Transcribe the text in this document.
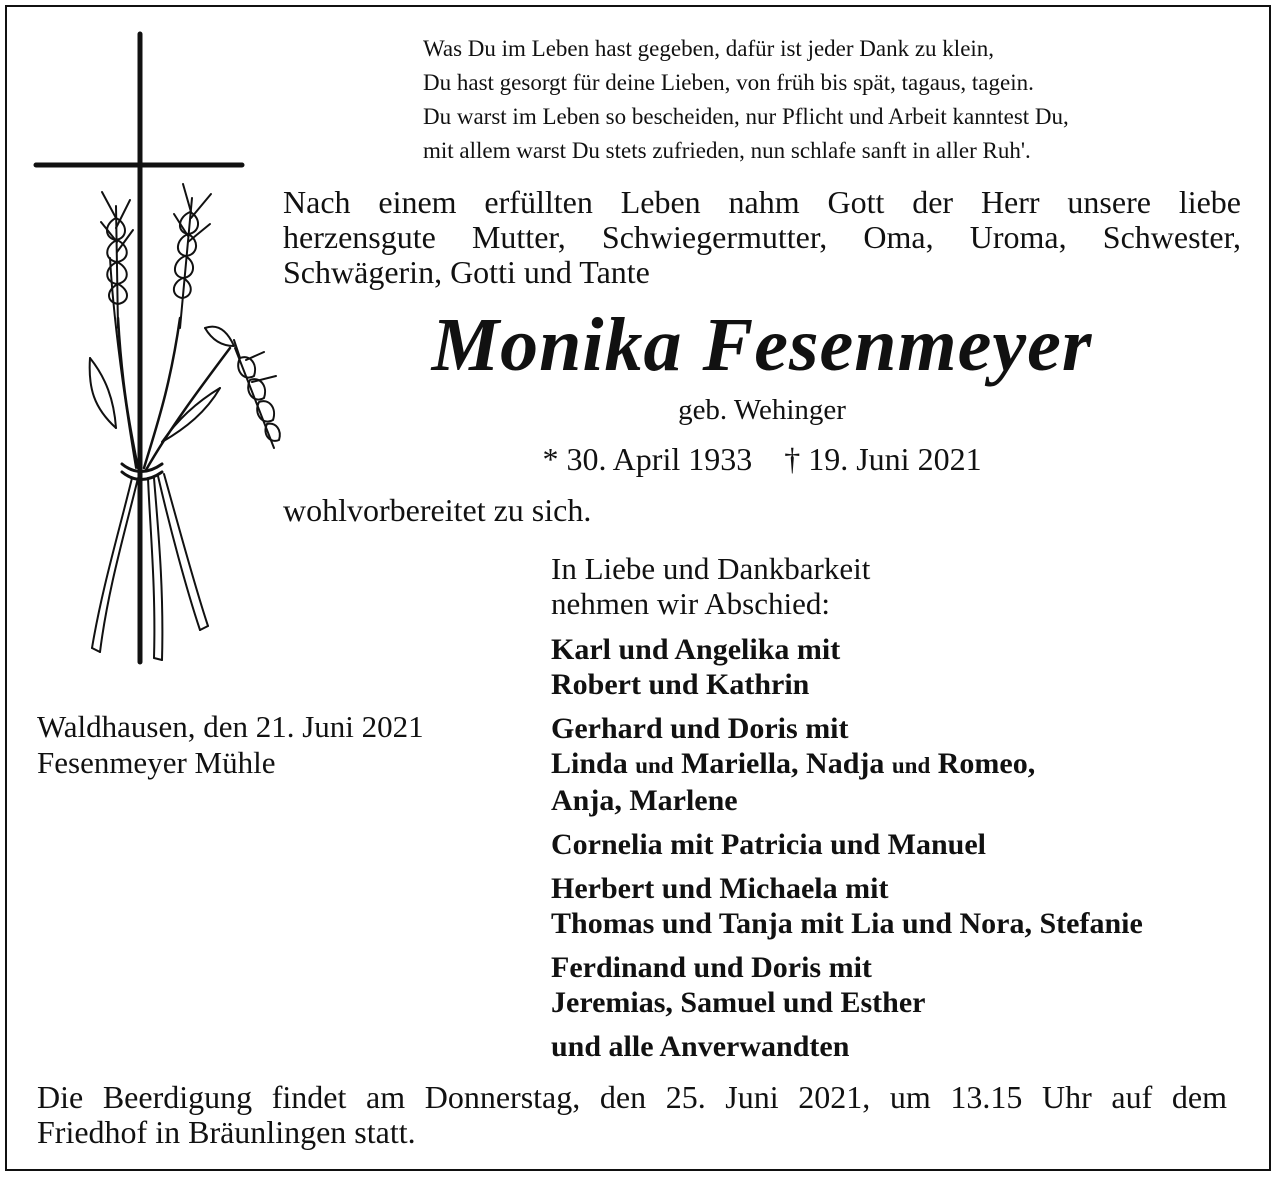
Was Du im Leben hast gegeben, dafür ist jeder Dank zu klein,
Du hast gesorgt für deine Lieben, von früh bis spät, tagaus, tagein.
Du warst im Leben so bescheiden, nur Pflicht und Arbeit kanntest Du,
mit allem warst Du stets zufrieden, nun schlafe sanft in aller Ruh'.
Nach einem erfüllten Leben nahm Gott der Herr unsere liebe
herzensgute Mutter, Schwiegermutter, Oma, Uroma, Schwester,
Schwägerin, Gotti und Tante
Monika Fesenmeyer
geb. Wehinger
* 30. April 1933 † 19. Juni 2021
wohlvorbereitet zu sich.
In Liebe und Dankbarkeit
nehmen wir Abschied:
Waldhausen, den 21. Juni 2021
Fesenmeyer Mühle
Karl und Angelika mit
Robert und Kathrin
Gerhard und Doris mit
Linda und Mariella, Nadja und Romeo,
Anja, Marlene
Cornelia mit Patricia und Manuel
Herbert und Michaela mit
Thomas und Tanja mit Lia und Nora, Stefanie
Ferdinand und Doris mit
Jeremias, Samuel und Esther
und alle Anverwandten
Die Beerdigung findet am Donnerstag, den 25. Juni 2021, um 13.15 Uhr auf dem
Friedhof in Bräunlingen statt.
